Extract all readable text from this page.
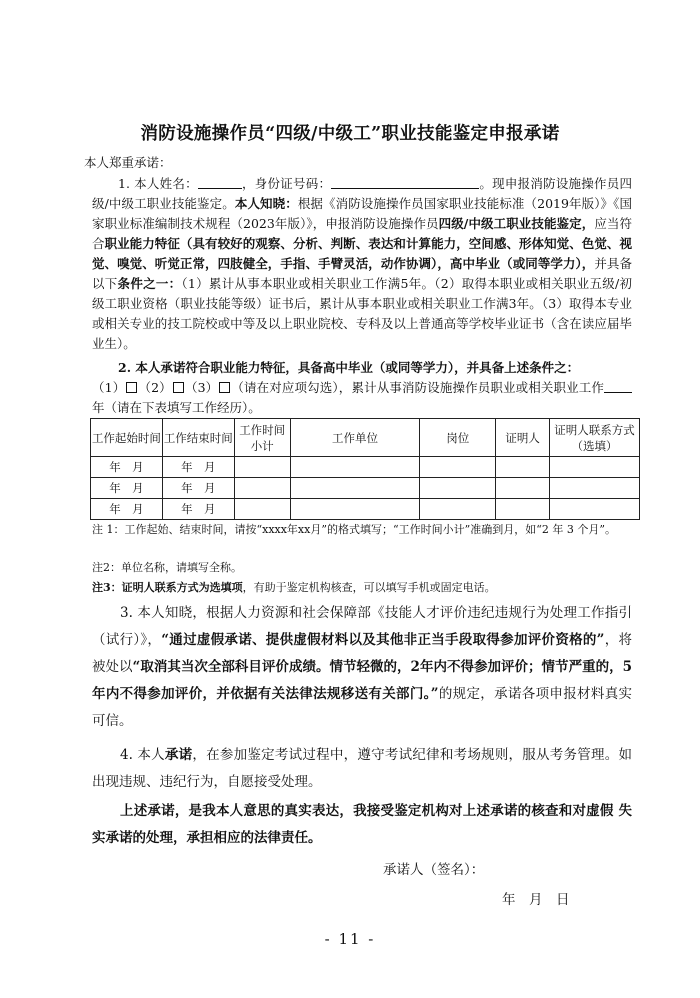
消防设施操作员“四级/中级工”职业技能鉴定申报承诺
本人郑重承诺：
1. 本人姓名：	，身份证号码：	。现申报消防设施操作员四级/中级工职业技能鉴定。本人知晓：根据《消防设施操作员国家职业技能标准（2019年版）》《国家职业标准编制技术规程（2023年版）》，申报消防设施操作员四级/中级工职业技能鉴定，应当符合职业能力特征（具有较好的观察、分析、判断、表达和计算能力，空间感、形体知觉、色觉、视觉、嗅觉、听觉正常，四肢健全，手指、手臂灵活，动作协调），高中毕业（或同等学力），并具备以下条件之一：（1）累计从事本职业或相关职业工作满5年。（2）取得本职业或相关职业五级/初级工职业资格（职业技能等级）证书后，累计从事本职业或相关职业工作满3年。（3）取得本专业或相关专业的技工院校或中等及以上职业院校、专科及以上普通高等学校毕业证书（含在读应届毕业生）。
2. 本人承诺符合职业能力特征，具备高中毕业（或同等学力），并具备上述条件之：
（1） （2） （3） （请在对应项勾选），累计从事消防设施操作员职业或相关职业工作年（请在下表填写工作经历）。
工作起始时间	工作结束时间	工作时间小计	工作单位	岗位	证明人	证明人联系方式（选填）
年　月	年　月					
年　月	年　月					
年　月	年　月					
注 1：工作起始、结束时间，请按“xxxx年xx月”的格式填写；“工作时间小计”准确到月，如“2 年 3 个月”。
注2：单位名称，请填写全称。
注3：证明人联系方式为选填项，有助于鉴定机构核查，可以填写手机或固定电话。
3. 本人知晓，根据人力资源和社会保障部《技能人才评价违纪违规行为处理工作指引（试行）》，“通过虚假承诺、提供虚假材料以及其他非正当手段取得参加评价资格的”，将被处以“取消其当次全部科目评价成绩。情节轻微的，2年内不得参加评价；情节严重的，5年内不得参加评价，并依据有关法律法规移送有关部门。”的规定，承诺各项申报材料真实可信。
4. 本人承诺，在参加鉴定考试过程中，遵守考试纪律和考场规则，服从考务管理。如出现违规、违纪行为，自愿接受处理。
上述承诺，是我本人意思的真实表达，我接受鉴定机构对上述承诺的核查和对虚假 失实承诺的处理，承担相应的法律责任。
承诺人（签名）：
年　月　日
- 11 -
